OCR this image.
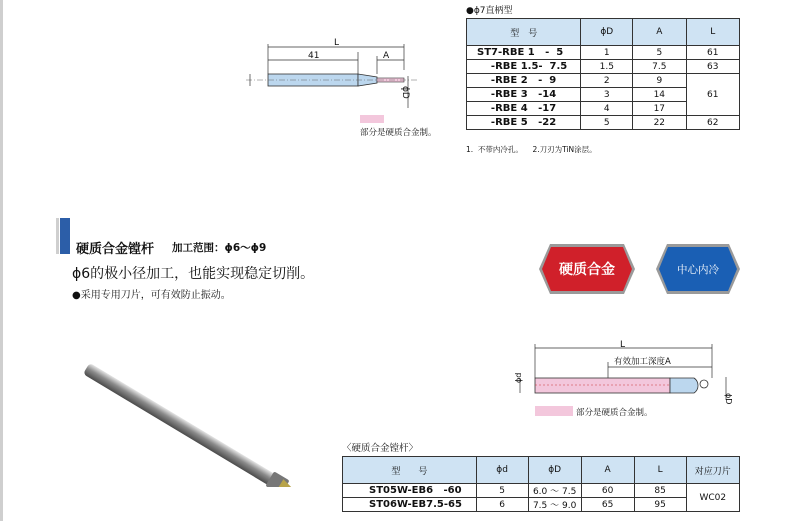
L
41	A
ϕD
部分是硬质合金制。
●ϕ7直柄型
型　号	ϕD	A	L
ST7-RBE 1   -  5	1	5	61
-RBE 1.5-  7.5	1.5	7.5	63
-RBE 2   -  9	2	9	61
-RBE 3   -14	3	14	
-RBE 4   -17	4	17	
-RBE 5   -22	5	22	62
1.  不带内冷孔。    2.刀刃为TiN涂层。
硬质合金镗杆 加工范围：ϕ6～ϕ9
ϕ6的极小径加工，也能实现稳定切削。
●采用专用刀片，可有效防止振动。
硬质合金	中心内冷
L
有效加工深度A
ϕd
ϕD
部分是硬质合金制。
〈硬质合金镗杆〉
型　　号	ϕd	ϕD	A	L	对应刀片
ST05W-EB6   -60	5	6.0 ～ 7.5	60	85	WC02
ST06W-EB7.5-65	6	7.5 ～ 9.0	65	95	
